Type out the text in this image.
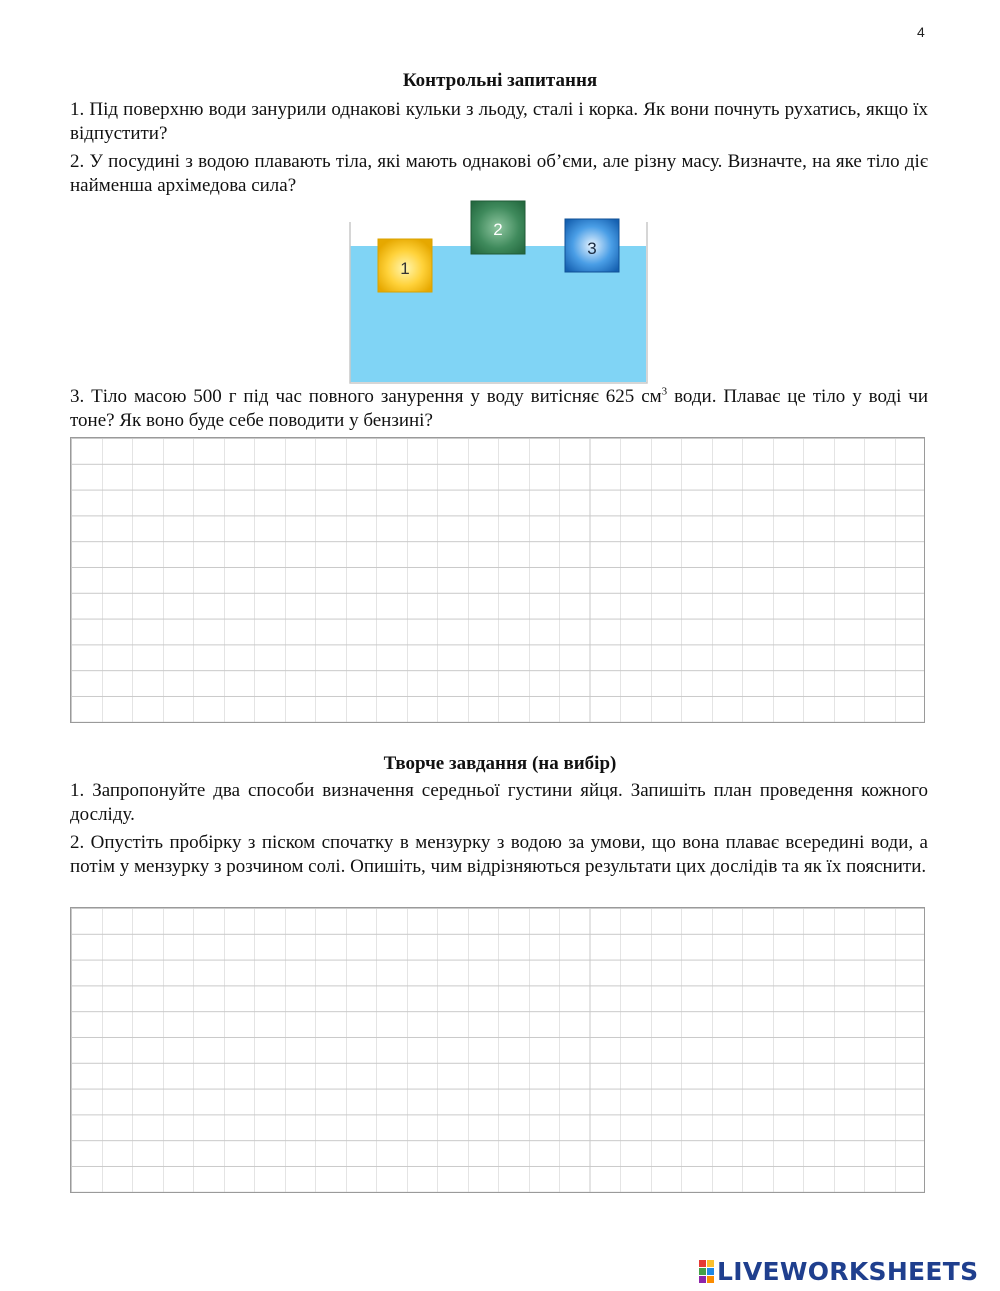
4
Контрольні запитання
1. Під поверхню води занурили однакові кульки з льоду, сталі і корка. Як вони почнуть рухатись, якщо їх відпустити?
2. У посудині з водою плавають тіла, які мають однакові об’єми, але різну масу. Визначте, на яке тіло діє найменша архімедова сила?
1
2
3
3. Тіло масою 500 г під час повного занурення у воду витісняє 625 $см^3$ води. Плаває це тіло у воді чи тоне? Як воно буде себе поводити у бензині?
Творче завдання (на вибір)
1. Запропонуйте два способи визначення середньої густини яйця. Запишіть план проведення кожного досліду.
2. Опустіть пробірку з піском спочатку в мензурку з водою за умови, що вона плаває всередині води, а потім у мензурку з розчином солі. Опишіть, чим відрізняються результати цих дослідів та як їх пояснити.
LIVEWORKSHEETS
